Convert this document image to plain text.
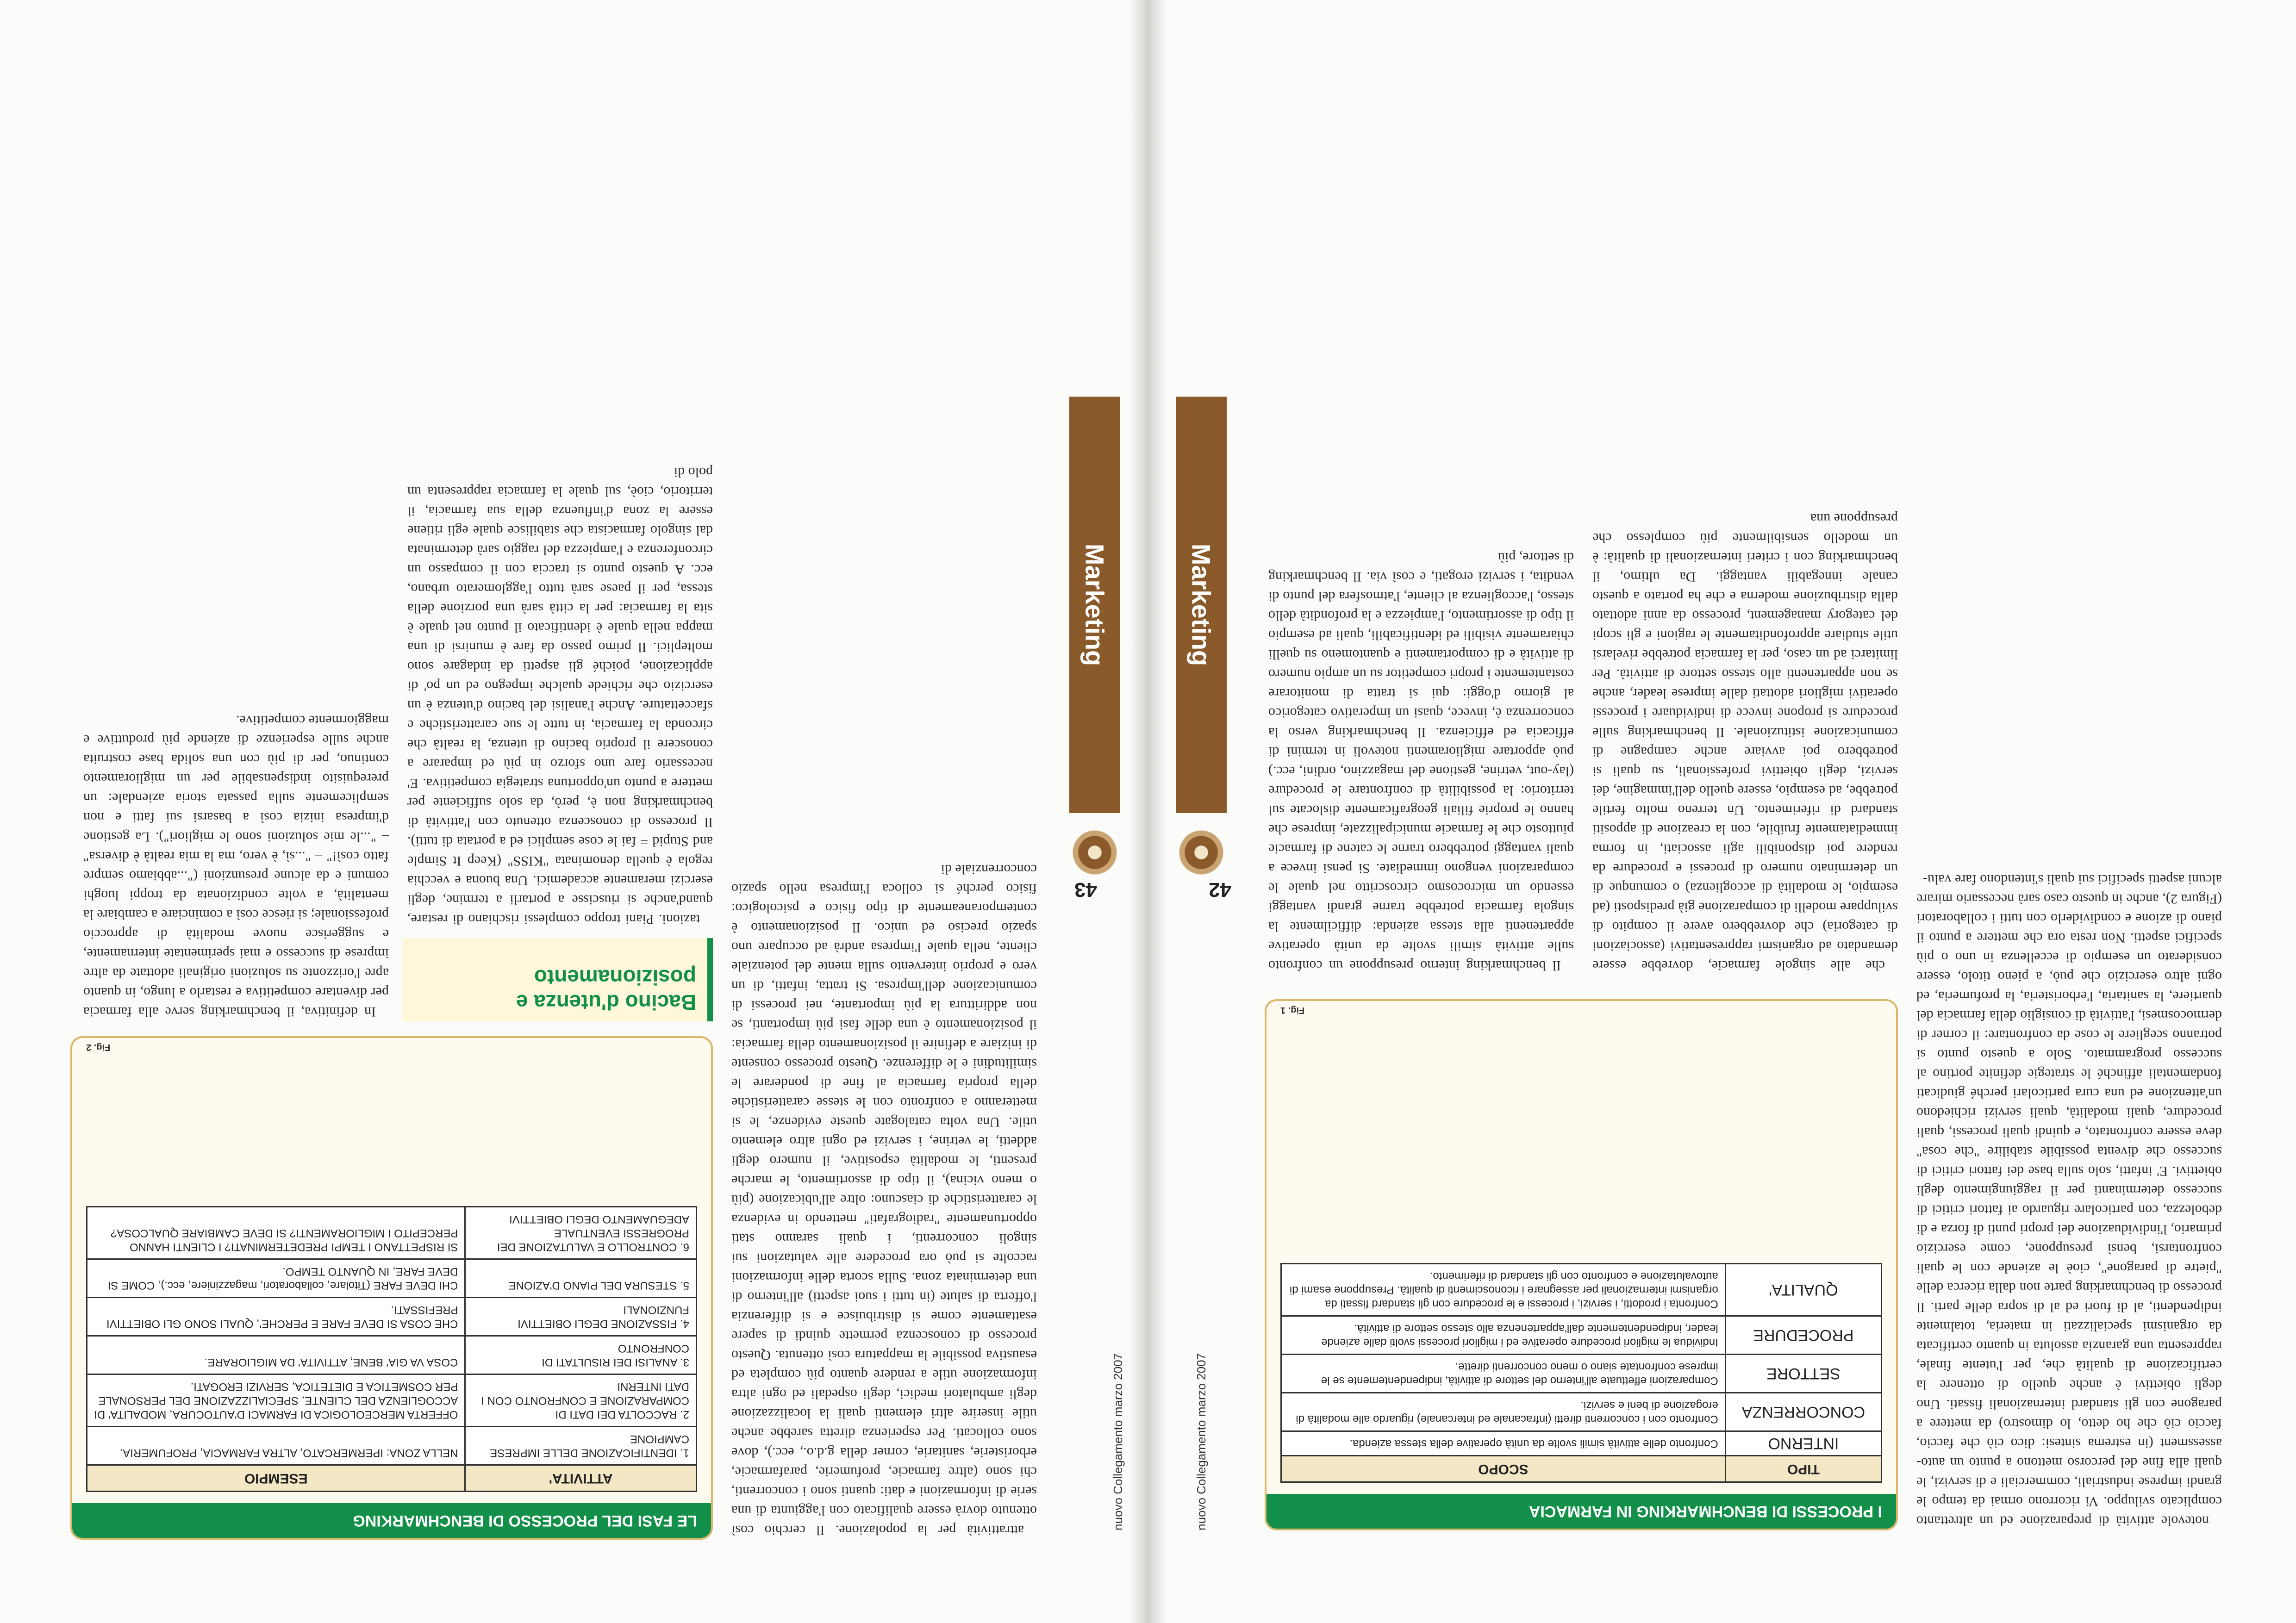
43
nuovo Collegamento marzo 2007
Marketing

attrattività per la popolazione. Il cerchio così ottenuto dovrà essere qualificato con l'aggiunta di una serie di informazioni e dati: quanti sono i concorrenti, chi sono (altre farmacie, profumerie, parafarmacie, erboristerie, sanitarie, corner della g.d.o., ecc.), dove sono collocati. Per esperienza diretta sarebbe anche utile inserire altri elementi quali la localizzazione degli ambulatori medici, degli ospedali ed ogni altra informazione utile a rendere quanto più completa ed esaustiva possibile la mappatura così ottenuta. Questo processo di conoscenza permette quindi di sapere esattamente come si distribuisce e si differenzia l'offerta di salute (in tutti i suoi aspetti) all'interno di una determinata zona. Sulla scorta delle informazioni raccolte si può ora procedere alle valutazioni sui singoli concorrenti, i quali saranno stati opportunamente "radiografati" mettendo in evidenza le caratteristiche di ciascuno: oltre all'ubicazione (più o meno vicina), il tipo di assortimento, le marche presenti, le modalità espositive, il numero degli addetti, le vetrine, i servizi ed ogni altro elemento utile. Una volta catalogate queste evidenze, le si metteranno a confronto con le stesse caratteristiche della propria farmacia al fine di ponderare le similitudini e le differenze. Questo processo consente di iniziare a definire il posizionamento della farmacia: il posizionamento è una delle fasi più importanti, se non addirittura la più importante, nei processi di comunicazione dell'impresa. Si tratta, infatti, di un vero e proprio intervento sulla mente del potenziale cliente, nella quale l'impresa andrà ad occupare uno spazio preciso ed unico. Il posizionamento è contemporaneamente di tipo fisico e psicologico: fisico perché si colloca l'impresa nello spazio concorrenziale di

tazioni. Piani troppo complessi rischiano di restare, quand'anche si riuscisse a portarli a termine, degli esercizi meramente accademici. Una buona e vecchia regola è quella denominata "KISS" (Keep It Simple and Stupid = fai le cose semplici ed a portata di tutti). Il processo di conoscenza ottenuto con l'attività di benchmarking non è, però, da solo sufficiente per mettere a punto un'opportuna strategia competitiva. E' necessario fare uno sforzo in più ed imparare a conoscere il proprio bacino di utenza, la realtà che circonda la farmacia, in tutte le sue caratteristiche e sfaccettature. Anche l'analisi del bacino d'utenza è un esercizio che richiede qualche impegno ed un po' di applicazione, poiché gli aspetti da indagare sono molteplici. Il primo passo da fare è munirsi di una mappa nella quale è identificato il punto nel quale è sita la farmacia: per la città sarà una porzione della stessa, per il paese sarà tutto l'agglomerato urbano, ecc. A questo punto si traccia con il compasso un circonferenza e l'ampiezza del raggio sarà determinata dal singolo farmacista che stabilisce quale egli ritiene essere la zona d'influenza della sua farmacia, il territorio, cioè, sul quale la farmacia rappresenta un polo di

In definitiva, il benchmarking serve alla farmacia per diventare competitiva e restarlo a lungo, in quanto apre l'orizzonte su soluzioni originali adottate da altre imprese di successo e mai sperimentate internamente, e suggerisce nuove modalità di approccio professionale; si riesce così a cominciare a cambiare la mentalità, a volte condizionata da troppi luoghi comuni e da alcune presunzioni ("...abbiamo sempre fatto così!" – "...sì, è vero, ma la mia realtà è diversa" – "...le mie soluzioni sono le migliori"). La gestione d'impresa inizia così a basarsi sui fatti e non semplicemente sulla passata storia aziendale: un prerequisito indispensabile per un miglioramento continuo, per di più con una solida base costruita anche sulle esperienze di aziende più produttive e maggiormente competitive.

Bacino d'utenza e posizionamento
LE FASI DEL PROCESSO DI BENCHMARKING
ATTIVITA'	ESEMPIO
1. IDENTIFICAZIONE DELLE IMPRESE CAMPIONE	NELLA ZONA: IPERMERCATO, ALTRA FARMACIA, PROFUMERIA.
2. RACCOLTA DEI DATI DI COMPARAZIONE E CONFRONTO CON I DATI INTERNI	OFFERTA MERCEOLOGICA DI FARMACI D'AUTOCURA, MODALITA' DI ACCOGLIENZA DEL CLIENTE, SPECIALIZZAZIONE DEL PERSONALE PER COSMETICA E DIETETICA, SERVIZI EROGATI.
3. ANALISI DEI RISULTATI DI CONFRONTO	COSA VA GIA' BENE, ATTIVITA' DA MIGLIORARE.
4. FISSAZIONE DEGLI OBIETTIVI FUNZIONALI	CHE COSA SI DEVE FARE E PERCHE', QUALI SONO GLI OBIETTIVI PREFISSATI.
5. STESURA DEL PIANO D'AZIONE	CHI DEVE FARE (Titolare, collaboratori, magazziniere, ecc.), COME SI DEVE FARE, IN QUANTO TEMPO.
6. CONTROLLO E VALUTAZIONE DEI PROGRESSI EVENTUALE ADEGUAMENTO DEGLI OBIETTIVI	SI RISPETTANO I TEMPI PREDETERMINATI? I CLIENTI HANNO PERCEPITO I MIGLIORAMENTI? SI DEVE CAMBIARE QUALCOSA?
Fig. 2
42
nuovo Collegamento marzo 2007
Marketing

notevole attività di preparazione ed un altrettanto complicato sviluppo. Vi ricorrono ormai da tempo le grandi imprese industriali, commerciali e di servizi, le quali alla fine del percorso mettono a punto un auto-assessment (in estrema sintesi: dico ciò che faccio, faccio ciò che ho detto, lo dimostro) da mettere a paragone con gli standard internazionali fissati. Uno degli obiettivi è anche quello di ottenere la certificazione di qualità che, per l'utente finale, rappresenta una garanzia assoluta in quanto certificata da organismi specializzati in materia, totalmente indipendenti, al di fuori ed al di sopra delle parti. Il processo di benchmarking parte non dalla ricerca delle "pietre di paragone", cioè le aziende con le quali confrontarsi, bensì presuppone, come esercizio primario, l'individuazione dei propri punti di forza e di debolezza, con particolare riguardo ai fattori critici di successo determinanti per il raggiungimento degli obiettivi. E' infatti, solo sulla base dei fattori critici di successo che diventa possibile stabilire "che cosa" deve essere confrontato, e quindi quali processi, quali procedure, quali modalità, quali servizi richiedono un'attenzione ed una cura particolari perché giudicati fondamentali affinché le strategie definite portino al successo programmato. Solo a questo punto si potranno scegliere le cose da confrontare: il corner di dermocosmesi, l'attività di consiglio della farmacia del quartiere, la sanitaria, l'erboristeria, la profumeria, ed ogni altro esercizio che può, a pieno titolo, essere considerato un esempio di eccellenza in uno o più specifici aspetti. Non resta ora che mettere a punto il piano di azione e condividerlo con tutti i collaboratori (Figura 2), anche in questo caso sarà necessario mirare alcuni aspetti specifici sui quali s'intendono fare valu-

che alle singole farmacie, dovrebbe essere demandato ad organismi rappresentativi (associazioni di categoria) che dovrebbero avere il compito di sviluppare modelli di comparazione già predisposti (ad esempio, le modalità di accoglienza) o comunque di un determinato numero di processi e procedure da rendere poi disponibili agli associati, in forma immediatamente fruibile, con la creazione di appositi standard di riferimento. Un terreno molto fertile potrebbe, ad esempio, essere quello dell'immagine, dei servizi, degli obiettivi professionali, su quali si potrebbero poi avviare anche campagne di comunicazione istituzionale. Il benchmarking sulle procedure si propone invece di individuare i processi operativi migliori adottati dalle imprese leader, anche se non appartenenti allo stesso settore di attività. Per limitarci ad un caso, per la farmacia potrebbe rivelarsi utile studiare approfonditamente le ragioni e gli scopi del category management, processo da anni adottato dalla distribuzione moderna e che ha portato a questo canale innegabili vantaggi. Da ultimo, il benchmarking con i criteri internazionali di qualità: è un modello sensibilmente più complesso che presuppone una

Il benchmarking interno presuppone un confronto sulle attività simili svolte da unità operative appartenenti alla stessa azienda: difficilmente la singola farmacia potrebbe trarne grandi vantaggi essendo un microcosmo circoscritto nel quale le comparazioni vengono immediate. Si pensi invece a quali vantaggi potrebbero trarne le catene di farmacie piuttosto che le farmacie municipalizzate, imprese che hanno le proprie filiali geograficamente dislocate sul territorio: la possibilità di confrontare le procedure (lay-out, vetrine, gestione del magazzino, ordini, ecc.) può apportare miglioramenti notevoli in termini di efficacia ed efficienza. Il benchmarking verso la concorrenza è, invece, quasi un imperativo categorico al giorno d'oggi: qui si tratta di monitorare costantemente i propri competitor su un ampio numero di attività e di comportamenti e quantomeno su quelli chiaramente visibili ed identificabili, quali ad esempio il tipo di assortimento, l'ampiezza e la profondità dello stesso, l'accoglienza al cliente, l'atmosfera del punto di vendita, i servizi erogati, e così via. Il benchmarking di settore, più

I PROCESSI DI BENCHMARKING IN FARMACIA
TIPO	SCOPO
INTERNO	Confronto delle attività simili svolte da unità operative della stessa azienda.
CONCORRENZA	Confronto con i concorrenti diretti (infracanale ed intercanale) riguardo alle modalità di erogazione di beni e servizi.
SETTORE	Comparazioni effettuate all'interno del settore di attività, indipendentemente se le imprese confrontate siano o meno concorrenti dirette.
PROCEDURE	Individua le migliori procedure operative ed i migliori processi svolti dalle aziende leader, indipendentemente dall'appartenenza allo stesso settore di attività.
QUALITA'	Confronta i prodotti, i servizi, i processi e le procedure con gli standard fissati da organismi internazionali per assegnare i riconoscimenti di qualità. Presuppone esami di autovalutazione e confronto con gli standard di riferimento.
Fig. 1
